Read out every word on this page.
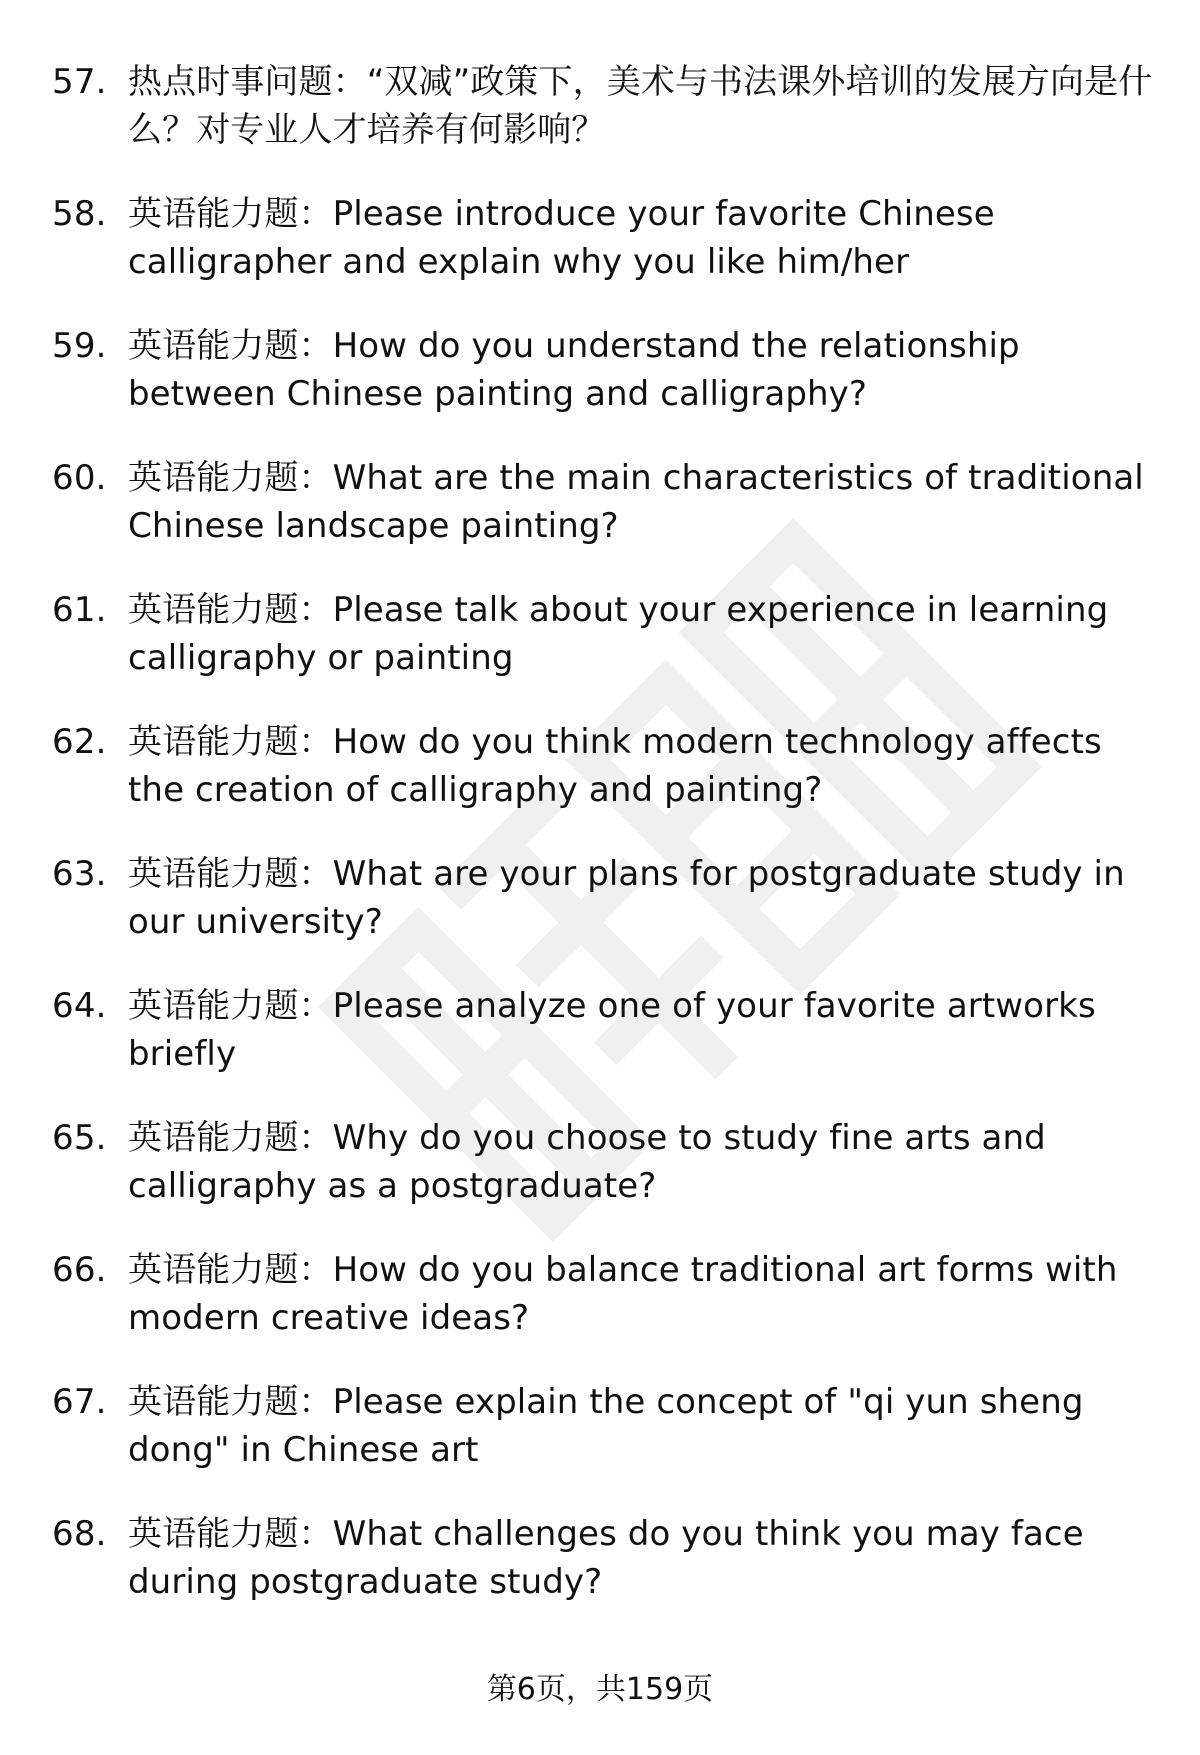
57. 热点时事问题：“双减”政策下，美术与书法课外培训的发展方向是什么？对专业人才培养有何影响？
58. 英语能力题：Please introduce your favorite Chinese calligrapher and explain why you like him/her
59. 英语能力题：How do you understand the relationship between Chinese painting and calligraphy?
60. 英语能力题：What are the main characteristics of traditional Chinese landscape painting?
61. 英语能力题：Please talk about your experience in learning calligraphy or painting
62. 英语能力题：How do you think modern technology affects the creation of calligraphy and painting?
63. 英语能力题：What are your plans for postgraduate study in our university?
64. 英语能力题：Please analyze one of your favorite artworks briefly
65. 英语能力题：Why do you choose to study fine arts and calligraphy as a postgraduate?
66. 英语能力题：How do you balance traditional art forms with modern creative ideas?
67. 英语能力题：Please explain the concept of "qi yun sheng dong" in Chinese art
68. 英语能力题：What challenges do you think you may face during postgraduate study?
第6页，共159页
